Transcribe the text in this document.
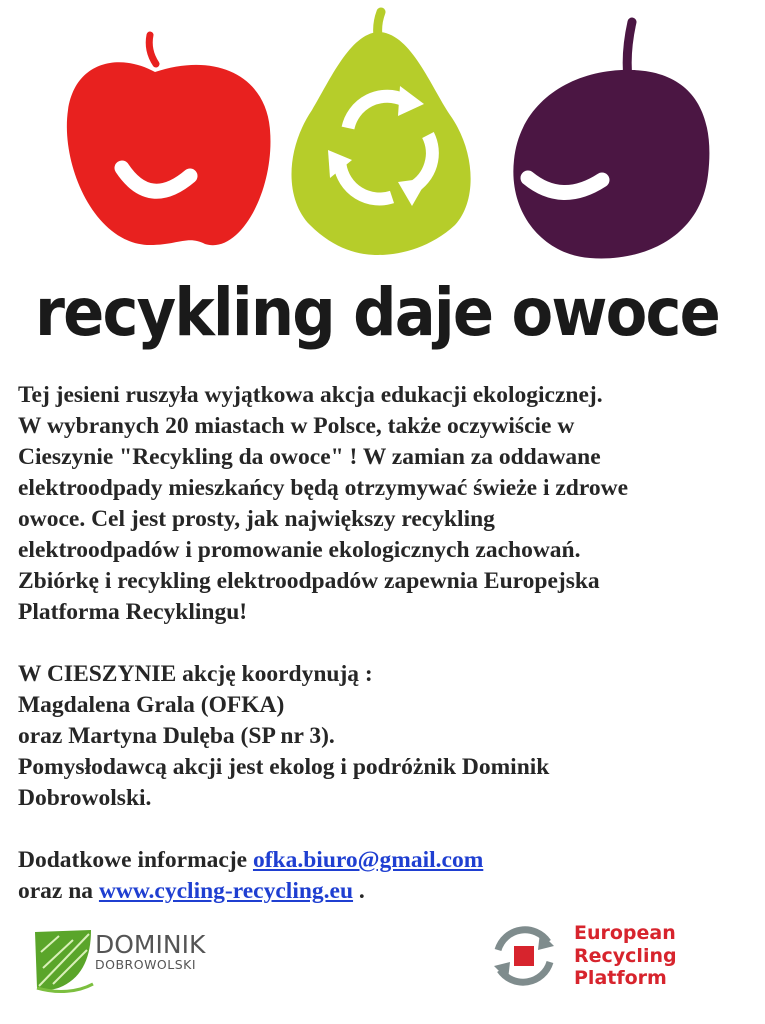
recykling daje owoce

Tej jesieni ruszyła wyjątkowa akcja edukacji ekologicznej.

W wybranych 20 miastach w Polsce, także oczywiście w

Cieszynie "Recykling da owoce" ! W zamian za oddawane

elektroodpady mieszkańcy będą otrzymywać świeże i zdrowe

owoce. Cel jest prosty, jak największy recykling

elektroodpadów i promowanie ekologicznych zachowań.

Zbiórkę i recykling elektroodpadów zapewnia Europejska

Platforma Recyklingu!

W CIESZYNIE akcję koordynują :

Magdalena Grala (OFKA)

oraz Martyna Dulęba (SP nr 3).

Pomysłodawcą akcji jest ekolog i podróżnik Dominik

Dobrowolski.

Dodatkowe informacje ofka.biuro@gmail.com

oraz na www.cycling-recycling.eu .

DOMINIK
DOBROWOLSKI
European
Recycling
Platform
